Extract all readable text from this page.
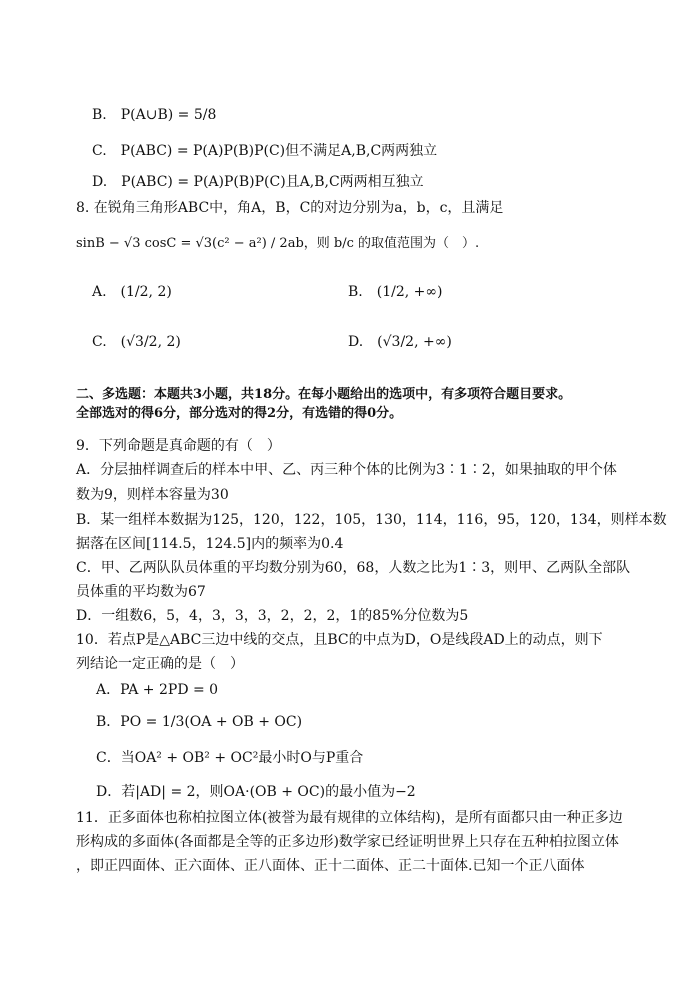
B.　P(A∪B) = 5/8
C.　P(ABC) = P(A)P(B)P(C)但不满足A,B,C两两独立
D.　P(ABC) = P(A)P(B)P(C)且A,B,C两两相互独立
8. 在锐角三角形ABC中，角A，B，C的对边分别为a，b，c，且满足
sinB − √3 cosC = √3(c² − a²) / 2ab，则 b/c 的取值范围为（　）.
A.　(1/2, 2)	B.　(1/2, +∞)
C.　(√3/2, 2)	D.　(√3/2, +∞)
二、多选题：本题共3小题，共18分。在每小题给出的选项中，有多项符合题目要求。
全部选对的得6分，部分选对的得2分，有选错的得0分。
9．下列命题是真命题的有（　）
A．分层抽样调查后的样本中甲、乙、丙三种个体的比例为3∶1∶2，如果抽取的甲个体
数为9，则样本容量为30
B．某一组样本数据为125，120，122，105，130，114，116，95，120，134，则样本数
据落在区间[114.5，124.5]内的频率为0.4
C．甲、乙两队队员体重的平均数分别为60，68，人数之比为1∶3，则甲、乙两队全部队
员体重的平均数为67
D．一组数6，5，4，3，3，3，2，2，2，1的85%分位数为5
10．若点P是△ABC三边中线的交点，且BC的中点为D，O是线段AD上的动点，则下
列结论一定正确的是（　）
A．PA + 2PD = 0
B．PO = 1/3(OA + OB + OC)
C．当OA² + OB² + OC²最小时O与P重合
D．若|AD| = 2，则OA·(OB + OC)的最小值为−2
11．正多面体也称柏拉图立体(被誉为最有规律的立体结构)，是所有面都只由一种正多边
形构成的多面体(各面都是全等的正多边形)数学家已经证明世界上只存在五种柏拉图立体
，即正四面体、正六面体、正八面体、正十二面体、正二十面体.已知一个正八面体
